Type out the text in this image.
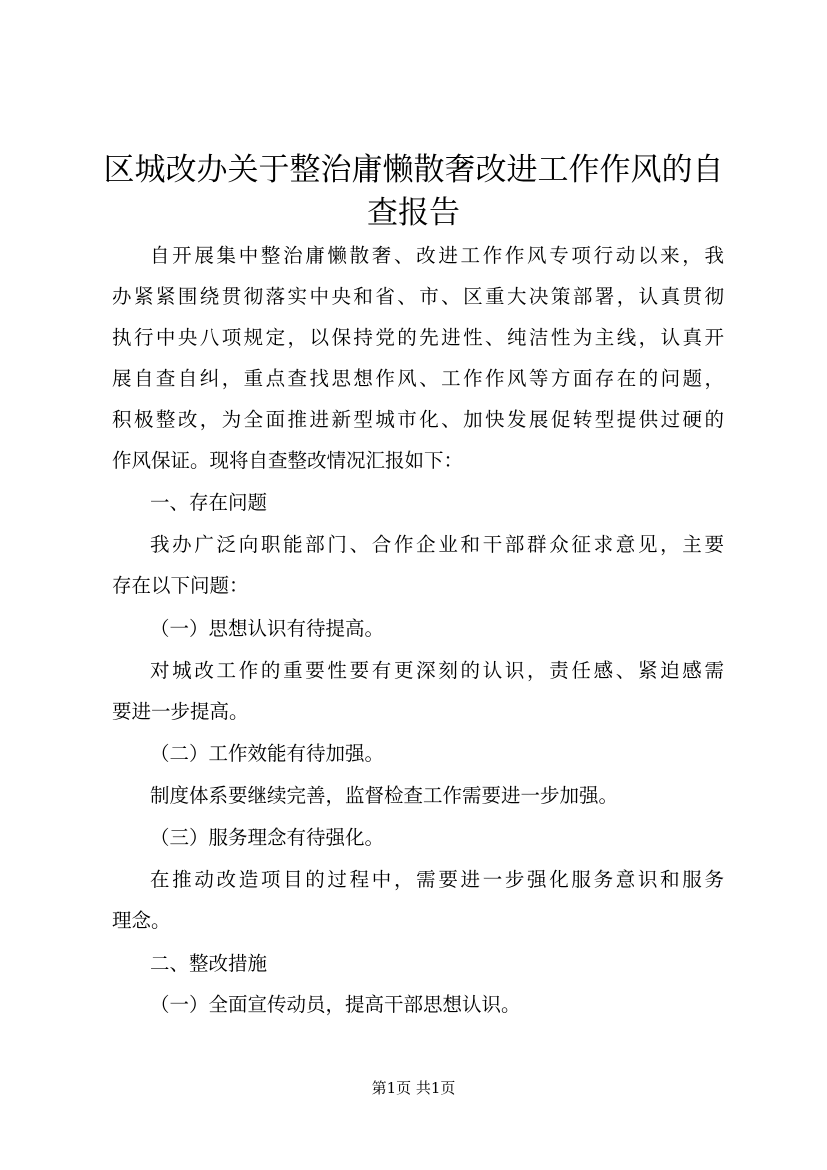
区城改办关于整治庸懒散奢改进工作作风的自
查报告

自开展集中整治庸懒散奢、改进工作作风专项行动以来，我

办紧紧围绕贯彻落实中央和省、市、区重大决策部署，认真贯彻

执行中央八项规定，以保持党的先进性、纯洁性为主线，认真开

展自查自纠，重点查找思想作风、工作作风等方面存在的问题，

积极整改，为全面推进新型城市化、加快发展促转型提供过硬的

作风保证。现将自查整改情况汇报如下：

一、存在问题

我办广泛向职能部门、合作企业和干部群众征求意见，主要

存在以下问题：

（一）思想认识有待提高。

对城改工作的重要性要有更深刻的认识，责任感、紧迫感需

要进一步提高。

（二）工作效能有待加强。

制度体系要继续完善，监督检查工作需要进一步加强。

（三）服务理念有待强化。

在推动改造项目的过程中，需要进一步强化服务意识和服务

理念。

二、整改措施

（一）全面宣传动员，提高干部思想认识。

第1页 共1页
